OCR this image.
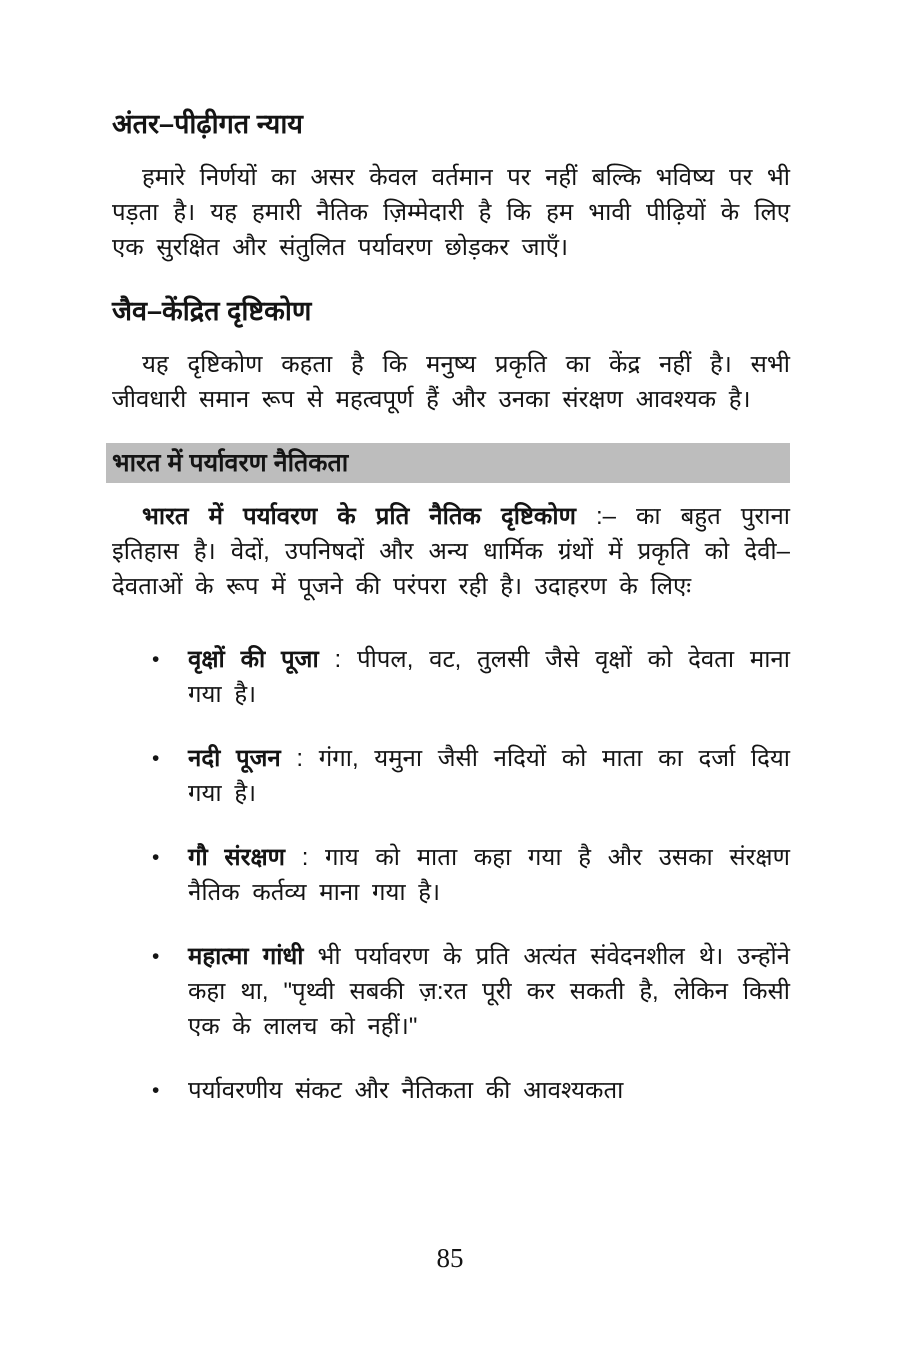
अंतर–पीढ़ीगत न्याय

हमारे निर्णयों का असर केवल वर्तमान पर नहीं बल्कि भविष्य पर भी पड़ता है। यह हमारी नैतिक ज़िम्मेदारी है कि हम भावी पीढ़ियों के लिए एक सुरक्षित और संतुलित पर्यावरण छोड़कर जाएँ।

जैव–केंद्रित दृष्टिकोण

यह दृष्टिकोण कहता है कि मनुष्य प्रकृति का केंद्र नहीं है। सभी जीवधारी समान रूप से महत्वपूर्ण हैं और उनका संरक्षण आवश्यक है।

भारत में पर्यावरण नैतिकता

भारत में पर्यावरण के प्रति नैतिक दृष्टिकोण :– का बहुत पुराना इतिहास है। वेदों, उपनिषदों और अन्य धार्मिक ग्रंथों में प्रकृति को देवी–देवताओं के रूप में पूजने की परंपरा रही है। उदाहरण के लिएः

•	वृक्षों की पूजा : पीपल, वट, तुलसी जैसे वृक्षों को देवता माना गया है।
•	नदी पूजन : गंगा, यमुना जैसी नदियों को माता का दर्जा दिया गया है।
•	गौ संरक्षण : गाय को माता कहा गया है और उसका संरक्षण नैतिक कर्तव्य माना गया है।
•	महात्मा गांधी भी पर्यावरण के प्रति अत्यंत संवेदनशील थे। उन्होंने कहा था, "पृथ्वी सबकी ज़:रत पूरी कर सकती है, लेकिन किसी एक के लालच को नहीं।"
•	पर्यावरणीय संकट और नैतिकता की आवश्यकता
85
